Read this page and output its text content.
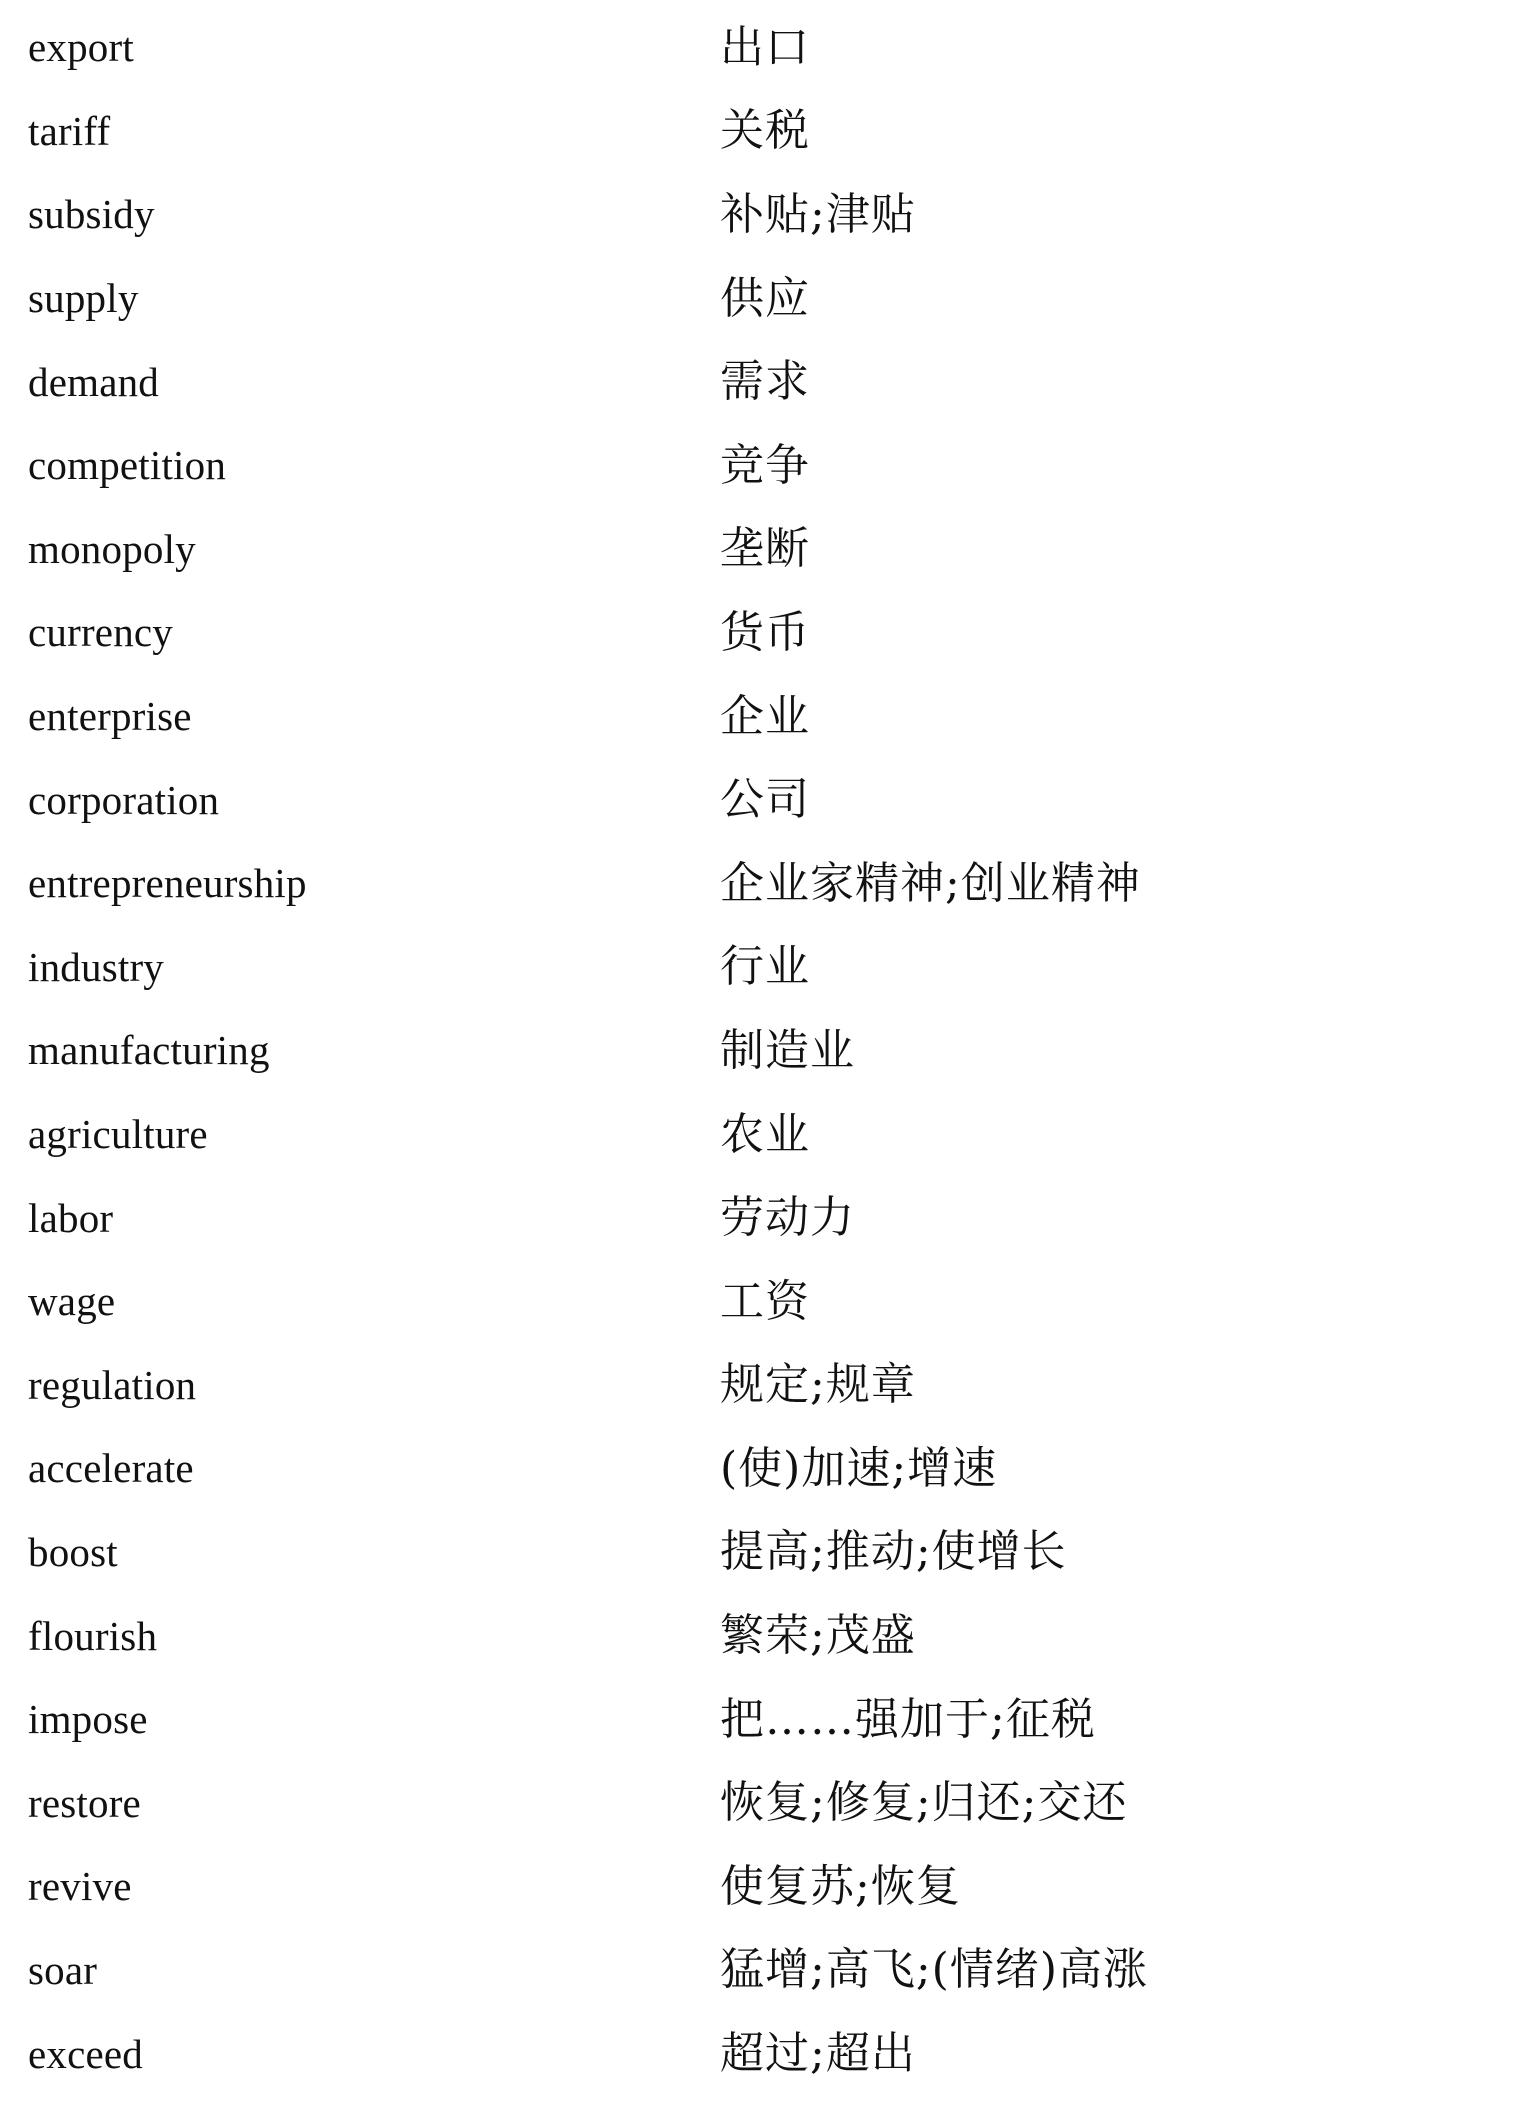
export	出口
tariff	关税
subsidy	补贴;津贴
supply	供应
demand	需求
competition	竞争
monopoly	垄断
currency	货币
enterprise	企业
corporation	公司
entrepreneurship	企业家精神;创业精神
industry	行业
manufacturing	制造业
agriculture	农业
labor	劳动力
wage	工资
regulation	规定;规章
accelerate	(使)加速;增速
boost	提高;推动;使增长
flourish	繁荣;茂盛
impose	把……强加于;征税
restore	恢复;修复;归还;交还
revive	使复苏;恢复
soar	猛增;高飞;(情绪)高涨
exceed	超过;超出
